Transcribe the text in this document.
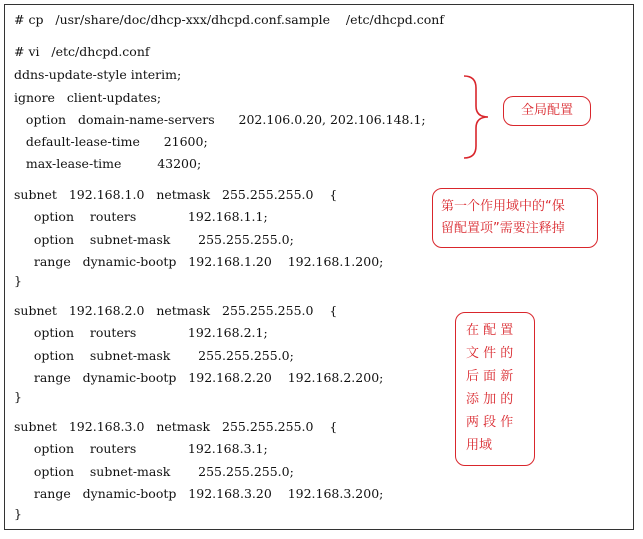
# cp   /usr/share/doc/dhcp-xxx/dhcpd.conf.sample    /etc/dhcpd.conf
# vi   /etc/dhcpd.conf
ddns-update-style interim;
ignore   client-updates;
option   domain-name-servers      202.106.0.20, 202.106.148.1;
default-lease-time      21600;
max-lease-time         43200;
subnet   192.168.1.0   netmask   255.255.255.0    {
option    routers             192.168.1.1;
option    subnet-mask       255.255.255.0;
range   dynamic-bootp   192.168.1.20    192.168.1.200;
}
subnet   192.168.2.0   netmask   255.255.255.0    {
option    routers             192.168.2.1;
option    subnet-mask       255.255.255.0;
range   dynamic-bootp   192.168.2.20    192.168.2.200;
}
subnet   192.168.3.0   netmask   255.255.255.0    {
option    routers             192.168.3.1;
option    subnet-mask       255.255.255.0;
range   dynamic-bootp   192.168.3.20    192.168.3.200;
}
全局配置
第一个作用域中的“保
留配置项”需要注释掉
在 配 置
文 件 的
后 面 新
添 加 的
两 段 作
用域
